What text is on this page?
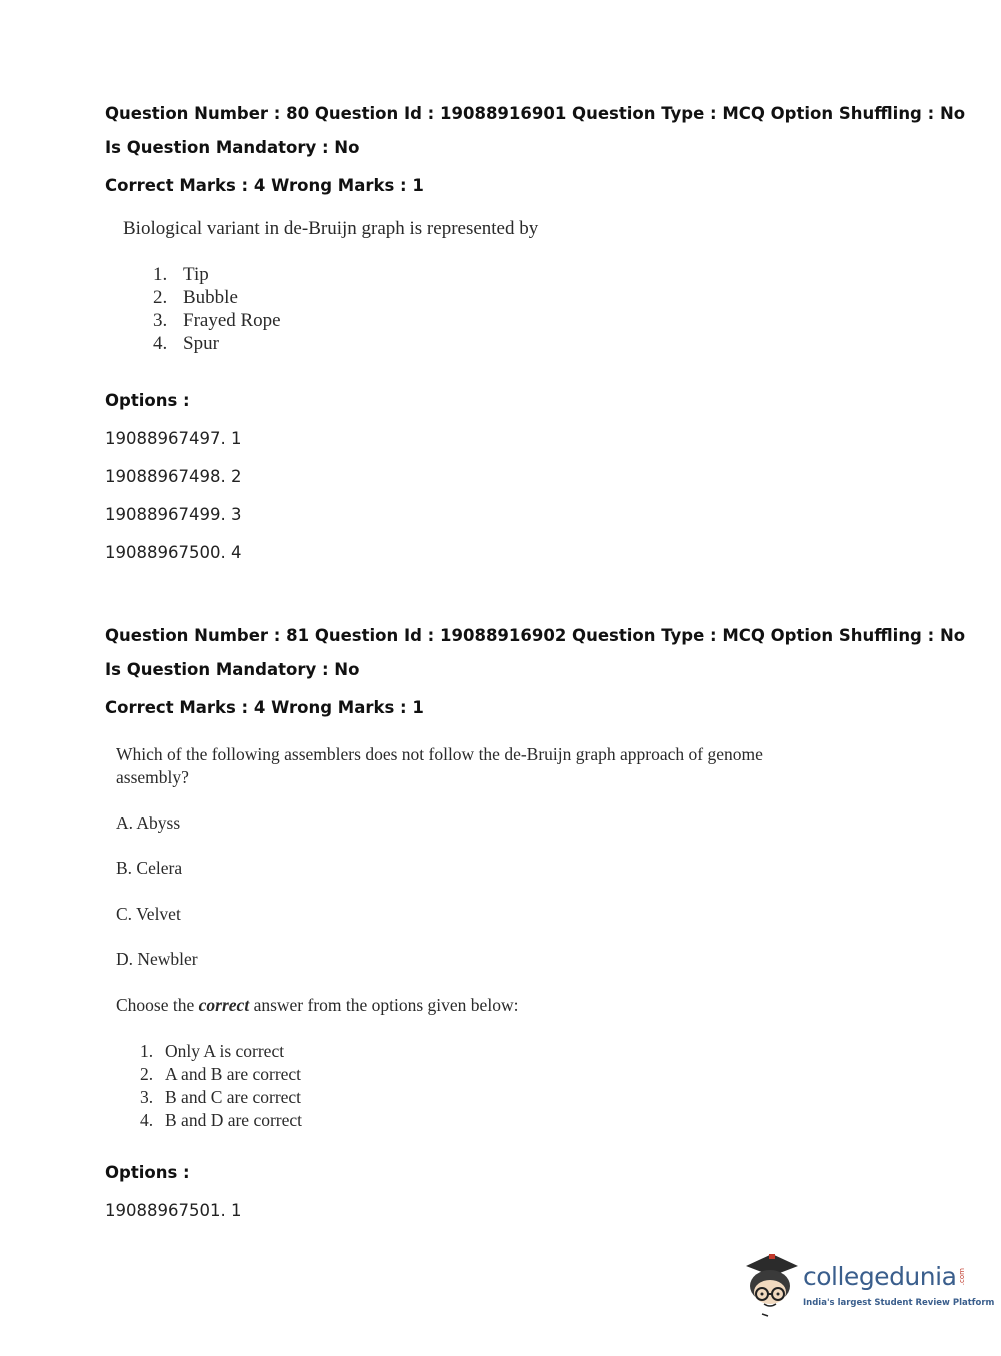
Question Number : 80 Question Id : 19088916901 Question Type : MCQ Option Shuffling : No
Is Question Mandatory : No
Correct Marks : 4 Wrong Marks : 1
Biological variant in de-Bruijn graph is represented by
1. Tip
2. Bubble
3. Frayed Rope
4. Spur
Options :
19088967497. 1
19088967498. 2
19088967499. 3
19088967500. 4
Question Number : 81 Question Id : 19088916902 Question Type : MCQ Option Shuffling : No
Is Question Mandatory : No
Correct Marks : 4 Wrong Marks : 1
Which of the following assemblers does not follow the de-Bruijn graph approach of genome
assembly?
A. Abyss
B. Celera
C. Velvet
D. Newbler
Choose the correct answer from the options given below:
1. Only A is correct
2. A and B are correct
3. B and C are correct
4. B and D are correct
Options :
19088967501. 1
collegedunia .com
India's largest Student Review Platform
